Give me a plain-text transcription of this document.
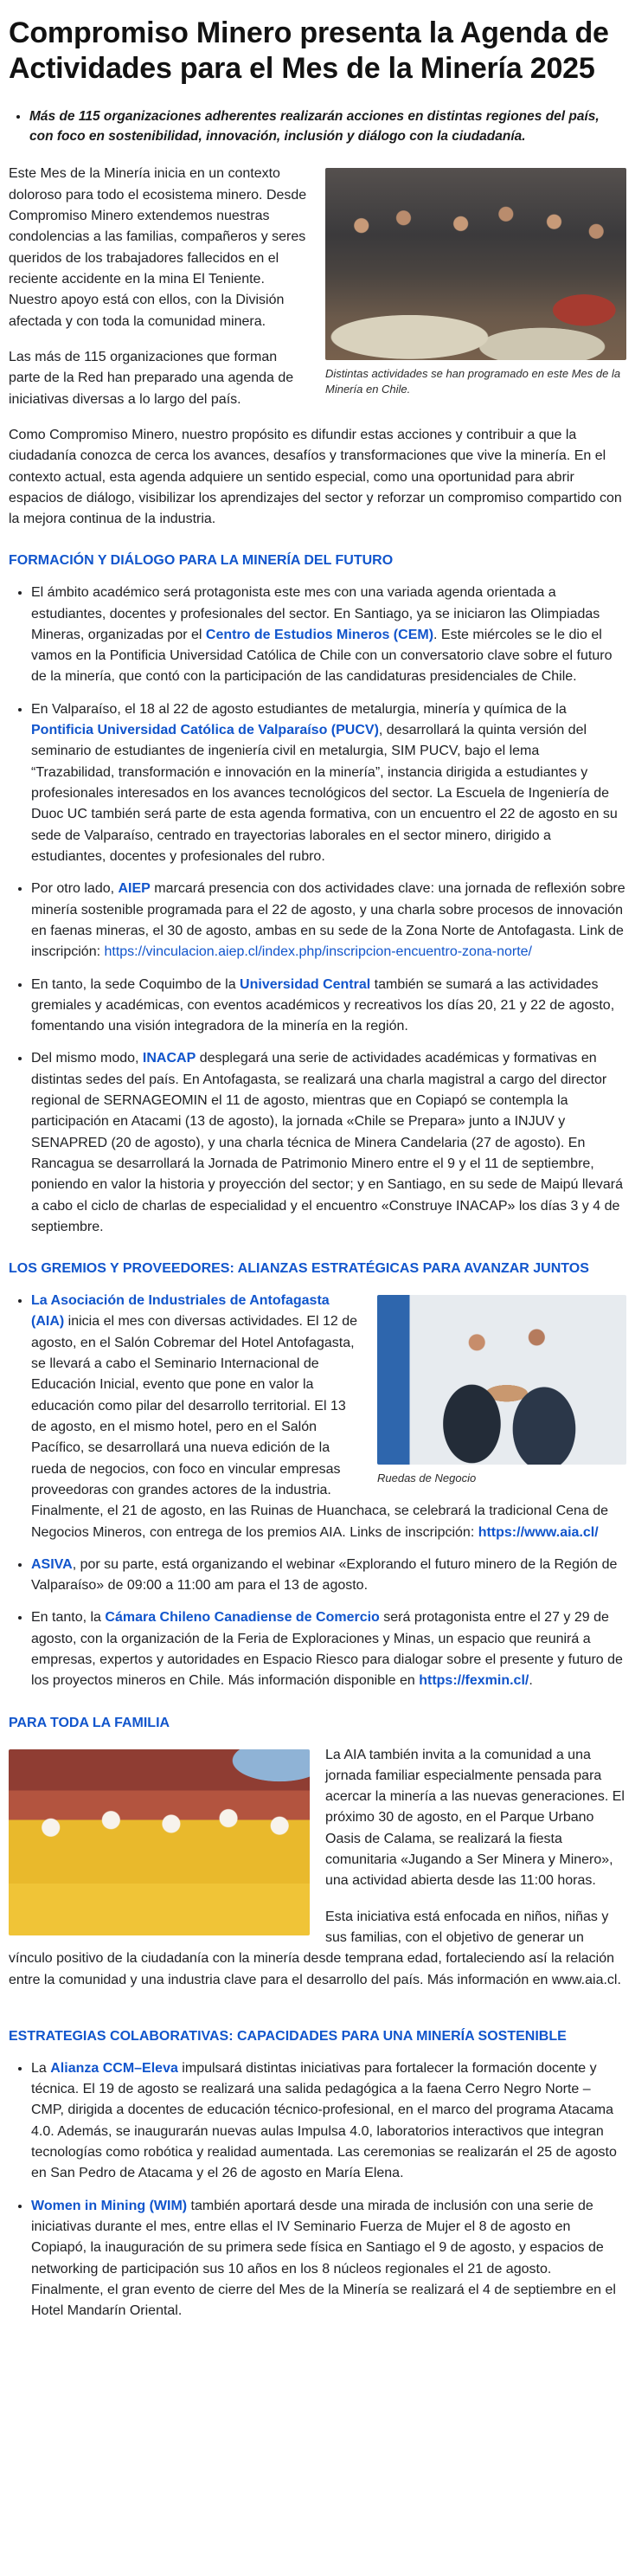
Compromiso Minero presenta la Agenda de Actividades para el Mes de la Minería 2025
• Más de 115 organizaciones adherentes realizarán acciones en distintas regiones del país, con foco en sostenibilidad, innovación, inclusión y diálogo con la ciudadanía.
Distintas actividades se han programado en este Mes de la Minería en Chile.

Este Mes de la Minería inicia en un contexto doloroso para todo el ecosistema minero. Desde Compromiso Minero extendemos nuestras condolencias a las familias, compañeros y seres queridos de los trabajadores fallecidos en el reciente accidente en la mina El Teniente. Nuestro apoyo está con ellos, con la División afectada y con toda la comunidad minera.

Las más de 115 organizaciones que forman parte de la Red han preparado una agenda de iniciativas diversas a lo largo del país.

Como Compromiso Minero, nuestro propósito es difundir estas acciones y contribuir a que la ciudadanía conozca de cerca los avances, desafíos y transformaciones que vive la minería. En el contexto actual, esta agenda adquiere un sentido especial, como una oportunidad para abrir espacios de diálogo, visibilizar los aprendizajes del sector y reforzar un compromiso compartido con la mejora continua de la industria.

FORMACIÓN Y DIÁLOGO PARA LA MINERÍA DEL FUTURO
• El ámbito académico será protagonista este mes con una variada agenda orientada a estudiantes, docentes y profesionales del sector. En Santiago, ya se iniciaron las Olimpiadas Mineras, organizadas por el Centro de Estudios Mineros (CEM). Este miércoles se le dio el vamos en la Pontificia Universidad Católica de Chile con un conversatorio clave sobre el futuro de la minería, que contó con la participación de las candidaturas presidenciales de Chile.
• En Valparaíso, el 18 al 22 de agosto estudiantes de metalurgia, minería y química de la Pontificia Universidad Católica de Valparaíso (PUCV), desarrollará la quinta versión del seminario de estudiantes de ingeniería civil en metalurgia, SIM PUCV, bajo el lema “Trazabilidad, transformación e innovación en la minería”, instancia dirigida a estudiantes y profesionales interesados en los avances tecnológicos del sector. La Escuela de Ingeniería de Duoc UC también será parte de esta agenda formativa, con un encuentro el 22 de agosto en su sede de Valparaíso, centrado en trayectorias laborales en el sector minero, dirigido a estudiantes, docentes y profesionales del rubro.
• Por otro lado, AIEP marcará presencia con dos actividades clave: una jornada de reflexión sobre minería sostenible programada para el 22 de agosto, y una charla sobre procesos de innovación en faenas mineras, el 30 de agosto, ambas en su sede de la Zona Norte de Antofagasta. Link de inscripción: https://vinculacion.aiep.cl/index.php/inscripcion-encuentro-zona-norte/
• En tanto, la sede Coquimbo de la Universidad Central también se sumará a las actividades gremiales y académicas, con eventos académicos y recreativos los días 20, 21 y 22 de agosto, fomentando una visión integradora de la minería en la región.
• Del mismo modo, INACAP desplegará una serie de actividades académicas y formativas en distintas sedes del país. En Antofagasta, se realizará una charla magistral a cargo del director regional de SERNAGEOMIN el 11 de agosto, mientras que en Copiapó se contempla la participación en Atacami (13 de agosto), la jornada «Chile se Prepara» junto a INJUV y SENAPRED (20 de agosto), y una charla técnica de Minera Candelaria (27 de agosto). En Rancagua se desarrollará la Jornada de Patrimonio Minero entre el 9 y el 11 de septiembre, poniendo en valor la historia y proyección del sector; y en Santiago, en su sede de Maipú llevará a cabo el ciclo de charlas de especialidad y el encuentro «Construye INACAP» los días 3 y 4 de septiembre.
LOS GREMIOS Y PROVEEDORES: ALIANZAS ESTRATÉGICAS PARA AVANZAR JUNTOS
• Ruedas de Negocio
La Asociación de Industriales de Antofagasta (AIA) inicia el mes con diversas actividades. El 12 de agosto, en el Salón Cobremar del Hotel Antofagasta, se llevará a cabo el Seminario Internacional de Educación Inicial, evento que pone en valor la educación como pilar del desarrollo territorial. El 13 de agosto, en el mismo hotel, pero en el Salón Pacífico, se desarrollará una nueva edición de la rueda de negocios, con foco en vincular empresas proveedoras con grandes actores de la industria. Finalmente, el 21 de agosto, en las Ruinas de Huanchaca, se celebrará la tradicional Cena de Negocios Mineros, con entrega de los premios AIA. Links de inscripción: https://www.aia.cl/
• ASIVA, por su parte, está organizando el webinar «Explorando el futuro minero de la Región de Valparaíso» de 09:00 a 11:00 am para el 13 de agosto.
• En tanto, la Cámara Chileno Canadiense de Comercio será protagonista entre el 27 y 29 de agosto, con la organización de la Feria de Exploraciones y Minas, un espacio que reunirá a empresas, expertos y autoridades en Espacio Riesco para dialogar sobre el presente y futuro de los proyectos mineros en Chile. Más información disponible en https://fexmin.cl/.
PARA TODA LA FAMILIA

La AIA también invita a la comunidad a una jornada familiar especialmente pensada para acercar la minería a las nuevas generaciones. El próximo 30 de agosto, en el Parque Urbano Oasis de Calama, se realizará la fiesta comunitaria «Jugando a Ser Minera y Minero», una actividad abierta desde las 11:00 horas.

Esta iniciativa está enfocada en niños, niñas y sus familias, con el objetivo de generar un vínculo positivo de la ciudadanía con la minería desde temprana edad, fortaleciendo así la relación entre la comunidad y una industria clave para el desarrollo del país. Más información en www.aia.cl.

ESTRATEGIAS COLABORATIVAS: CAPACIDADES PARA UNA MINERÍA SOSTENIBLE
• La Alianza CCM–Eleva impulsará distintas iniciativas para fortalecer la formación docente y técnica. El 19 de agosto se realizará una salida pedagógica a la faena Cerro Negro Norte – CMP, dirigida a docentes de educación técnico-profesional, en el marco del programa Atacama 4.0. Además, se inaugurarán nuevas aulas Impulsa 4.0, laboratorios interactivos que integran tecnologías como robótica y realidad aumentada. Las ceremonias se realizarán el 25 de agosto en San Pedro de Atacama y el 26 de agosto en María Elena.
• Women in Mining (WIM) también aportará desde una mirada de inclusión con una serie de iniciativas durante el mes, entre ellas el IV Seminario Fuerza de Mujer el 8 de agosto en Copiapó, la inauguración de su primera sede física en Santiago el 9 de agosto, y espacios de networking de participación sus 10 años en los 8 núcleos regionales el 21 de agosto. Finalmente, el gran evento de cierre del Mes de la Minería se realizará el 4 de septiembre en el Hotel Mandarín Oriental.
